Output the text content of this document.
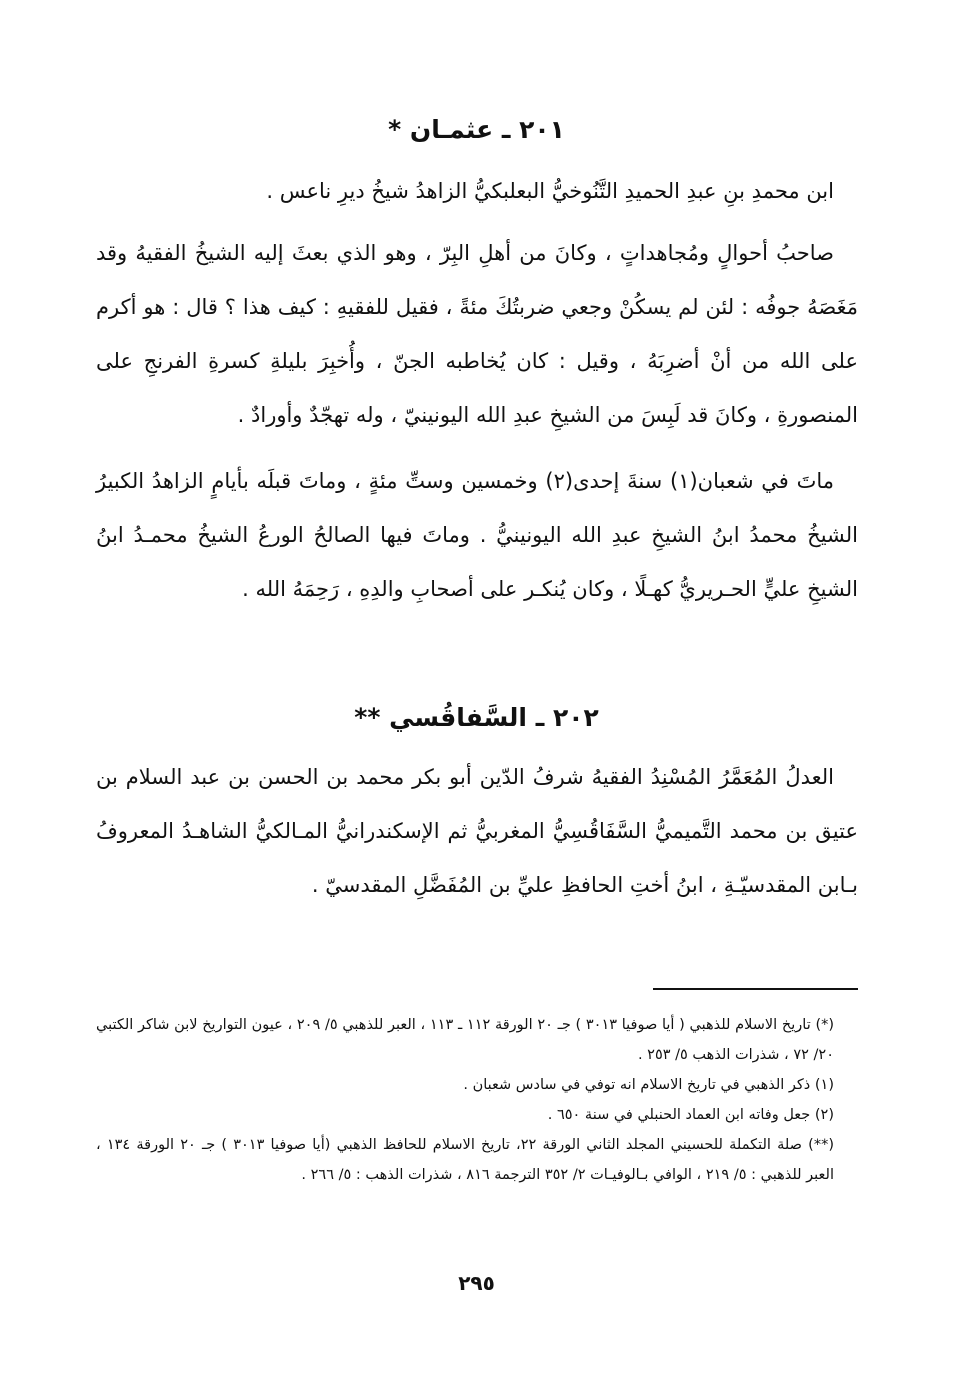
٢٠١ ـ عثمـان *

ابن محمدِ بنِ عبدِ الحميدِ التَّنُوخيُّ البعلبكيُّ الزاهدُ شيخُ ديرِ ناعس .

صاحبُ أحوالٍ ومُجاهداتٍ ، وكانَ من أهلِ البِرّ ، وهو الذي بعثَ إليه الشيخُ الفقيهُ وقد مَغَصَهُ جوفُه : لئن لم يسكُنْ وجعي ضربتُكَ مئةً ، فقيل للفقيهِ : كيف هذا ؟ قال : هو أكرم على الله من أنْ أضرِبَهُ ، وقيل : كان يُخاطبه الجنّ ، وأُخبِرَ بليلةِ كسرةِ الفرنجِ على المنصورةِ ، وكانَ قد لَبِسَ من الشيخِ عبدِ الله اليونينيّ ، وله تهجّدٌ وأورادٌ .

ماتَ في شعبان(١) سنةَ إحدى(٢) وخمسين وستِّ مئةٍ ، وماتَ قبلَه بأيامٍ الزاهدُ الكبيرُ الشيخُ محمدُ ابنُ الشيخِ عبدِ الله اليونينيُّ . وماتَ فيها الصالحُ الورعُ الشيخُ محمـدُ ابنُ الشيخِ عليٍّ الحـريريُّ كهـلًا ، وكان يُنكـر على أصحابِ والدِهِ ، رَحِمَهُ الله .

٢٠٢ ـ السَّفاقُسي **

العدلُ المُعَمَّرُ المُسْنِدُ الفقيهُ شرفُ الدّين أبو بكر محمد بن الحسن بن عبد السلام بن عتيق بن محمد التَّميميُّ السَّفَاقُسِيُّ المغربيُّ ثم الإسكندرانيُّ المـالكيُّ الشاهـدُ المعروفُ بـابن المقدسيّـةِ ، ابنُ أختِ الحافظِ عليِّ بن المُفَضَّلِ المقدسيّ .

(*) تاريخ الاسلام للذهبي ( أيا صوفيا ٣٠١٣ ) جـ ٢٠ الورقة ١١٢ ـ ١١٣ ، العبر للذهبي ٥/ ٢٠٩ ، عيون التواريخ لابن شاكر الكتبي ٢٠/ ٧٢ ، شذرات الذهب ٥/ ٢٥٣ .

(١) ذكر الذهبي في تاريخ الاسلام انه توفي في سادس شعبان .

(٢) جعل وفاته ابن العماد الحنبلي في سنة ٦٥٠ .

(**) صلة التكملة للحسيني المجلد الثاني الورقة ٢٢، تاريخ الاسلام للحافظ الذهبي (أيا صوفيا ٣٠١٣ ) جـ ٢٠ الورقة ١٣٤ ، العبر للذهبي : ٥/ ٢١٩ ، الوافي بـالوفيـات ٢/ ٣٥٢ الترجمة ٨١٦ ، شذرات الذهب : ٥/ ٢٦٦ .

٢٩٥
